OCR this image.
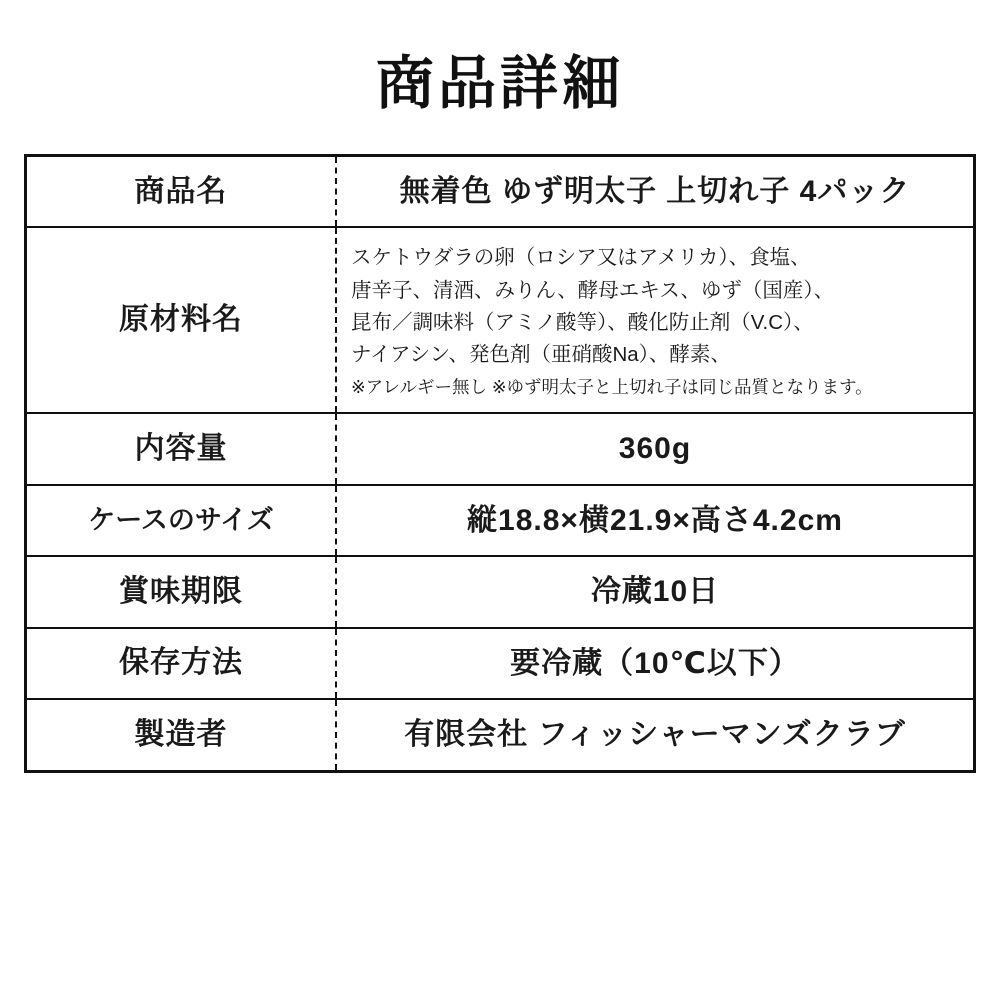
商品詳細
商品名	無着色 ゆず明太子 上切れ子 4パック
原材料名	スケトウダラの卵（ロシア又はアメリカ）、食塩、
唐辛子、清酒、みりん、酵母エキス、ゆず（国産）、
昆布／調味料（アミノ酸等）、酸化防止剤（V.C）、
ナイアシン、発色剤（亜硝酸Na）、酵素、
※アレルギー無し ※ゆず明太子と上切れ子は同じ品質となります。

内容量	360g
ケースのサイズ	縦18.8×横21.9×高さ4.2cm
賞味期限	冷蔵10日
保存方法	要冷蔵（10℃以下）
製造者	有限会社 フィッシャーマンズクラブ
